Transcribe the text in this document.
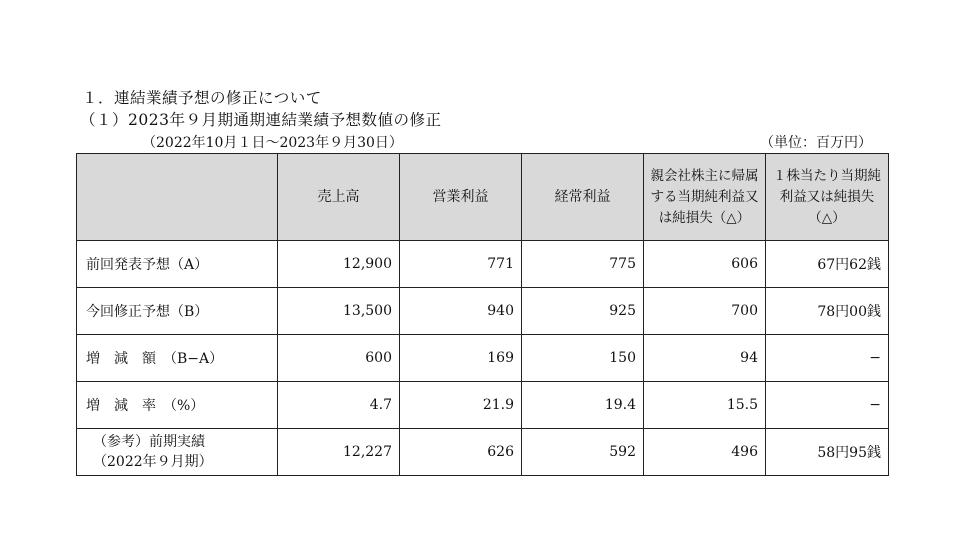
１．連結業績予想の修正について
（１）2023年９月期通期連結業績予想数値の修正
（2022年10月１日～2023年９月30日）	（単位：百万円）
	売上高	営業利益	経常利益	親会社株主に帰属する当期純利益又は純損失（△）	１株当たり当期純利益又は純損失（△）
前回発表予想（A）	12,900	771	775	606	67円62銭
今回修正予想（B）	13,500	940	925	700	78円00銭
増　減　額　（B−A）	600	169	150	94	−
増　減　率　（%）	4.7	21.9	19.4	15.5	−

（参考）前期実績
（2022年９月期）	12,227	626	592	496	58円95銭
